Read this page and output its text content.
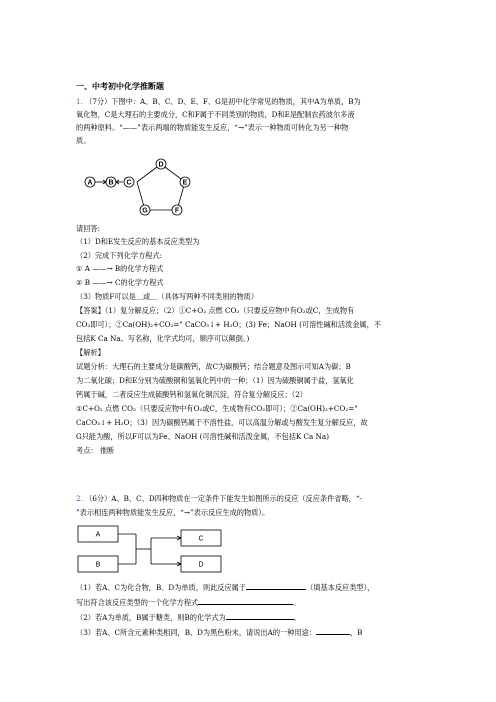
一、中考初中化学推断题
1. （7分）下图中：A、B、C、D、E、F、G是初中化学常见的物质，其中A为单质，B为
氧化物，C是大理石的主要成分，C和F属于不同类别的物质，D和E是配制农药波尔多液
的两种原料。“——”表示两端的物质能发生反应，“→”表示一种物质可转化为另一种物
质。
A B C
D
E
F
G
请回答:
（1）D和E发生反应的基本反应类型为
（2）完成下列化学方程式:
① A ——→ B的化学方程式
② B ——→ C的化学方程式
（3）物质F可以是＿或＿（具体写两种不同类别的物质）
【答案】（1）复分解反应；（2）①C+O₂ 点燃 CO₂（只要反应物中有O₂或C，生成物有
CO₂即可）；②Ca(OH)₂+CO₂=" CaCO₃↓+ H₂O；(3) Fe；NaOH (可溶性碱和活泼金属，不
包括K Ca Na。写名称，化学式均可，顺序可以颠倒。)
【解析】
试题分析：大理石的主要成分是碳酸钙，故C为碳酸钙；结合题意及图示可知A为碳；B
为二氧化碳；D和E分别为硫酸铜和氢氧化钙中的一种；（1）因为硫酸铜属于盐，氢氧化
钙属于碱，二者反应生成硫酸钙和氢氧化铜沉淀，符合复分解反应；（2）
①C+O₂ 点燃 CO₂（只要反应物中有O₂或C，生成物有CO₂即可）；②Ca(OH)₂+CO₂="
CaCO₃↓+ H₂O；（3）因为碳酸钙属于不溶性盐，可以高温分解或与酸发生复分解反应，故
G只能为酸，所以F可以为Fe、NaOH (可溶性碱和活泼金属，不包括K Ca Na)
考点： 推断
2. （6分）A、B、C、D四种物质在一定条件下能发生如图所示的反应（反应条件省略，“-
”表示相连两种物质能发生反应，“→”表示反应生成的物质）。
A
B
C
D
（1）若A、C为化合物，B、D为单质，则此反应属于	（填基本反应类型），
写出符合该反应类型的一个化学方程式	。
（2）若A为单质，B属于糖类，则B的化学式为	。
（3）若A、C所含元素种类相同，B、D为黑色粉末，请说出A的一种用途：	，B
